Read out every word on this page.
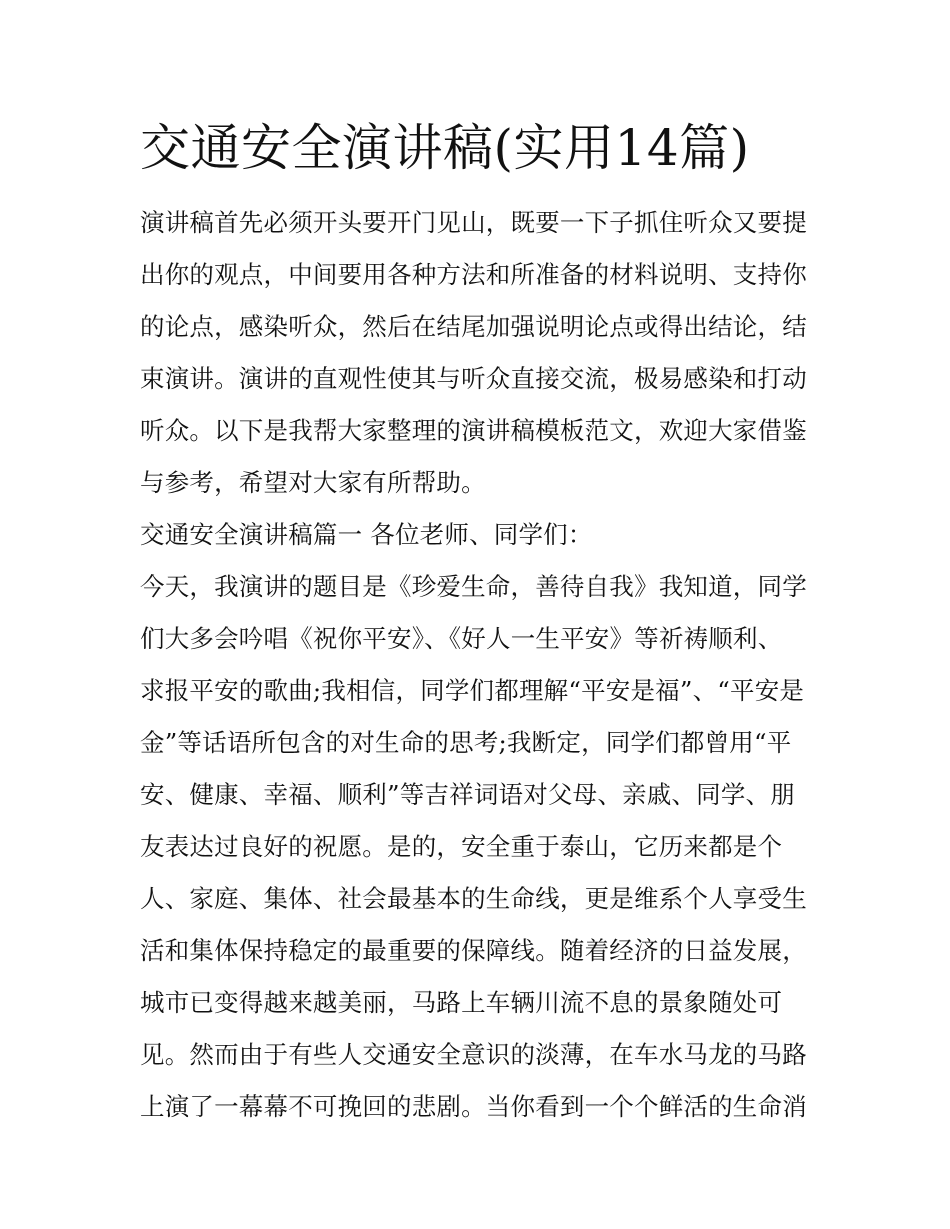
交通安全演讲稿(实用14篇)
演讲稿首先必须开头要开门见山，既要一下子抓住听众又要提
出你的观点，中间要用各种方法和所准备的材料说明、支持你
的论点，感染听众，然后在结尾加强说明论点或得出结论，结
束演讲。演讲的直观性使其与听众直接交流，极易感染和打动
听众。以下是我帮大家整理的演讲稿模板范文，欢迎大家借鉴
与参考，希望对大家有所帮助。
交通安全演讲稿篇一 各位老师、同学们：
今天，我演讲的题目是《珍爱生命，善待自我》我知道，同学
们大多会吟唱《祝你平安》、《好人一生平安》等祈祷顺利、
求报平安的歌曲;我相信，同学们都理解“平安是福”、“平安是
金”等话语所包含的对生命的思考;我断定，同学们都曾用“平
安、健康、幸福、顺利”等吉祥词语对父母、亲戚、同学、朋
友表达过良好的祝愿。是的，安全重于泰山，它历来都是个
人、家庭、集体、社会最基本的生命线，更是维系个人享受生
活和集体保持稳定的最重要的保障线。随着经济的日益发展，
城市已变得越来越美丽，马路上车辆川流不息的景象随处可
见。然而由于有些人交通安全意识的淡薄，在车水马龙的马路
上演了一幕幕不可挽回的悲剧。当你看到一个个鲜活的生命消
